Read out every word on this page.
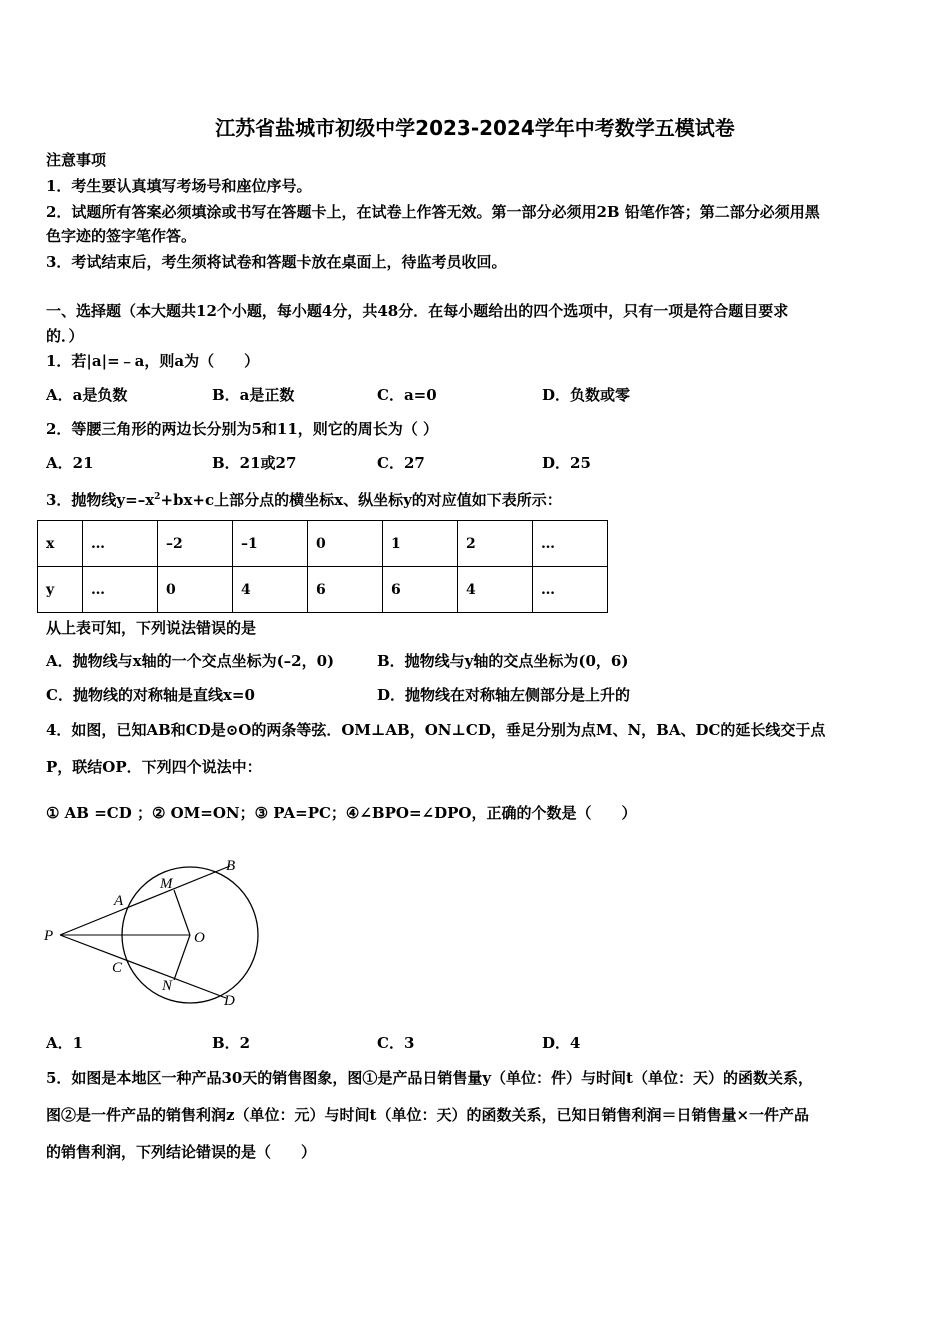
江苏省盐城市初级中学2023-2024学年中考数学五模试卷
注意事项
1．考生要认真填写考场号和座位序号。
2．试题所有答案必须填涂或书写在答题卡上，在试卷上作答无效。第一部分必须用2B 铅笔作答；第二部分必须用黑
色字迹的签字笔作答。
3．考试结束后，考生须将试卷和答题卡放在桌面上，待监考员收回。
一、选择题（本大题共12个小题，每小题4分，共48分．在每小题给出的四个选项中，只有一项是符合题目要求
的．）
1．若|a|=﹣a，则a为（　　）
A．a是负数	B．a是正数	C．a=0	D．负数或零
2．等腰三角形的两边长分别为5和11，则它的周长为（ ）
A．21	B．21或27	C．27	D．25
3．抛物线$y=-x^2+bx+c$上部分点的横坐标x、纵坐标y的对应值如下表所示：
x	…	–2	–1	0	1	2	…
y	…	0	4	6	6	4	…
从上表可知，下列说法错误的是
A．抛物线与x轴的一个交点坐标为(–2，0)	B．抛物线与y轴的交点坐标为(0，6)
C．抛物线的对称轴是直线x=0	D．抛物线在对称轴左侧部分是上升的
4．如图，已知AB和CD是⊙O的两条等弦．OM⊥AB，ON⊥CD，垂足分别为点M、N，BA、DC的延长线交于点
P，联结OP．下列四个说法中：
① AB =CD ；② OM=ON；③ PA=PC；④∠BPO=∠DPO，正确的个数是（　　）
P
A
B
M
O
C
N
D
A．1	B．2	C．3	D．4
5．如图是本地区一种产品30天的销售图象，图①是产品日销售量y（单位：件）与时间t（单位：天）的函数关系，
图②是一件产品的销售利润z（单位：元）与时间t（单位：天）的函数关系，已知日销售利润＝日销售量×一件产品
的销售利润，下列结论错误的是（　　）
